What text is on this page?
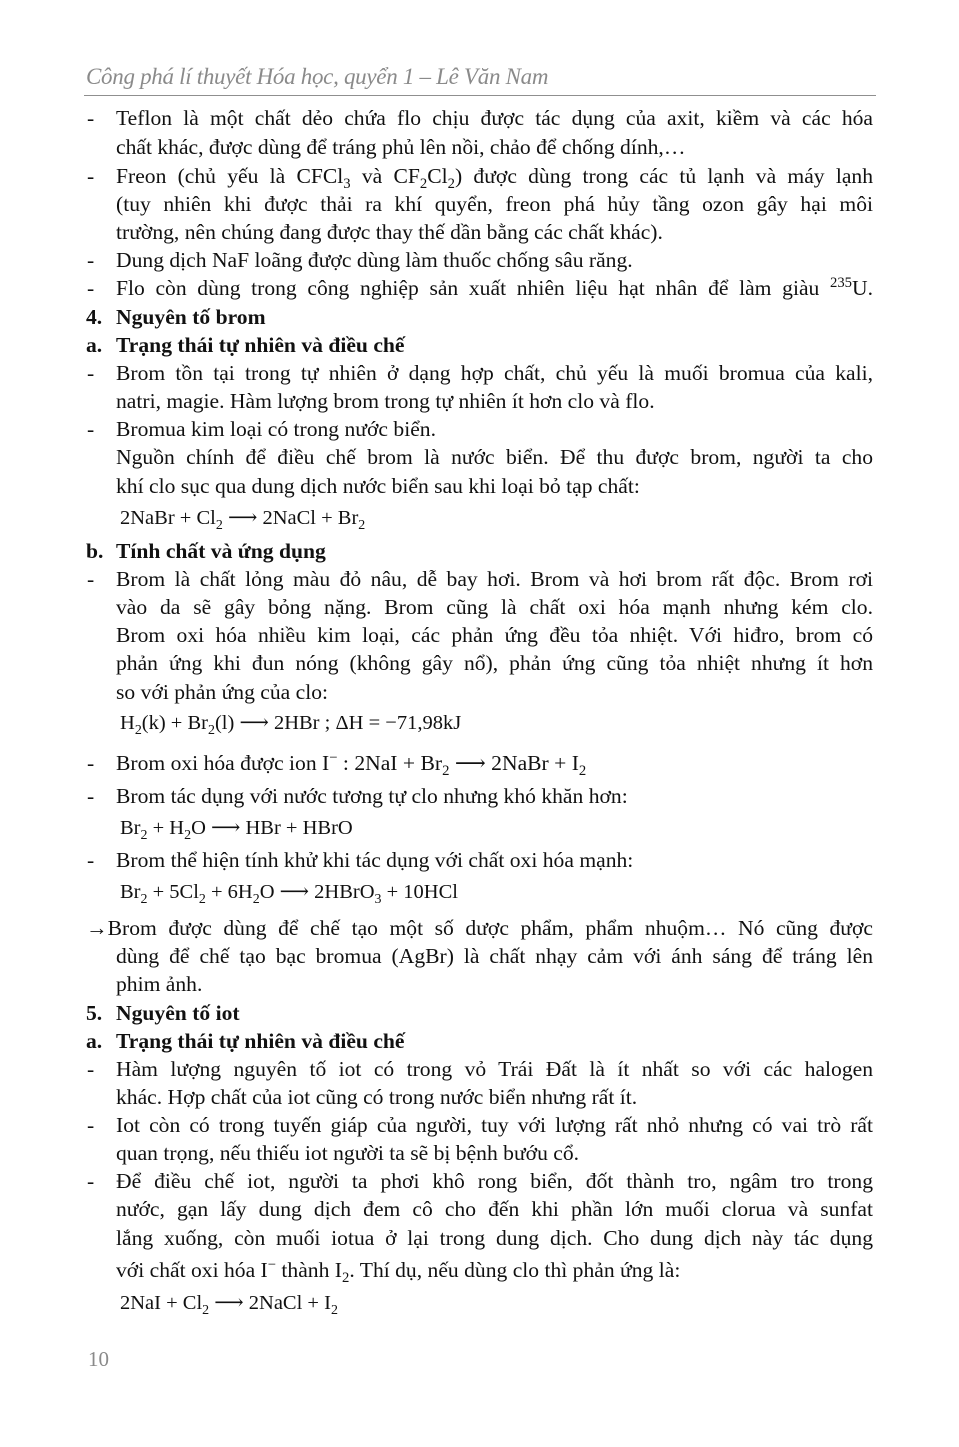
Công phá lí thuyết Hóa học, quyển 1 – Lê Văn Nam
- Teflon là một chất dẻo chứa flo chịu được tác dụng của axit, kiềm và các hóa
chất khác, được dùng để tráng phủ lên nồi, chảo để chống dính,…
- Freon (chủ yếu là CFCl$_3$ và $CF_2Cl_2$) được dùng trong các tủ lạnh và máy lạnh
(tuy nhiên khi được thải ra khí quyển, freon phá hủy tầng ozon gây hại môi
trường, nên chúng đang được thay thế dần bằng các chất khác).
- Dung dịch NaF loãng được dùng làm thuốc chống sâu răng.
- Flo còn dùng trong công nghiệp sản xuất nhiên liệu hạt nhân để làm giàu $^{235}$U.
4. Nguyên tố brom
a. Trạng thái tự nhiên và điều chế
- Brom tồn tại trong tự nhiên ở dạng hợp chất, chủ yếu là muối bromua của kali,
natri, magie. Hàm lượng brom trong tự nhiên ít hơn clo và flo.
- Bromua kim loại có trong nước biển.
Nguồn chính để điều chế brom là nước biển. Để thu được brom, người ta cho
khí clo sục qua dung dịch nước biển sau khi loại bỏ tạp chất:
2NaBr + $Cl_2$ ⟶ 2NaCl + $Br_2$
b. Tính chất và ứng dụng
- Brom là chất lỏng màu đỏ nâu, dễ bay hơi. Brom và hơi brom rất độc. Brom rơi
vào da sẽ gây bỏng nặng. Brom cũng là chất oxi hóa mạnh nhưng kém clo.
Brom oxi hóa nhiều kim loại, các phản ứng đều tỏa nhiệt. Với hiđro, brom có
phản ứng khi đun nóng (không gây nổ), phản ứng cũng tỏa nhiệt nhưng ít hơn
so với phản ứng của clo:
$H_2(k) + Br_2(l)$ ⟶ 2HBr ; ΔH = −71,98kJ
- Brom oxi hóa được ion I− : $2NaI + Br_2$ ⟶ 2NaBr + $I_2$
- Brom tác dụng với nước tương tự clo nhưng khó khăn hơn:
$Br_2 + H_2O$ ⟶ HBr + HBrO
- Brom thể hiện tính khử khi tác dụng với chất oxi hóa mạnh:
$Br_2 + 5Cl_2 + 6H_2O$ ⟶ 2HBrO$_3$ + 10HCl
→Brom được dùng để chế tạo một số dược phẩm, phẩm nhuộm… Nó cũng được
dùng để chế tạo bạc bromua (AgBr) là chất nhạy cảm với ánh sáng để tráng lên
phim ảnh.
5. Nguyên tố iot
a. Trạng thái tự nhiên và điều chế
- Hàm lượng nguyên tố iot có trong vỏ Trái Đất là ít nhất so với các halogen
khác. Hợp chất của iot cũng có trong nước biển nhưng rất ít.
- Iot còn có trong tuyến giáp của người, tuy với lượng rất nhỏ nhưng có vai trò rất
quan trọng, nếu thiếu iot người ta sẽ bị bệnh bướu cổ.
- Để điều chế iot, người ta phơi khô rong biển, đốt thành tro, ngâm tro trong
nước, gạn lấy dung dịch đem cô cho đến khi phần lớn muối clorua và sunfat
lắng xuống, còn muối iotua ở lại trong dung dịch. Cho dung dịch này tác dụng
với chất oxi hóa I− thành $I_2$. Thí dụ, nếu dùng clo thì phản ứng là:
$2NaI + Cl_2$ ⟶ 2NaCl + $I_2$
10
